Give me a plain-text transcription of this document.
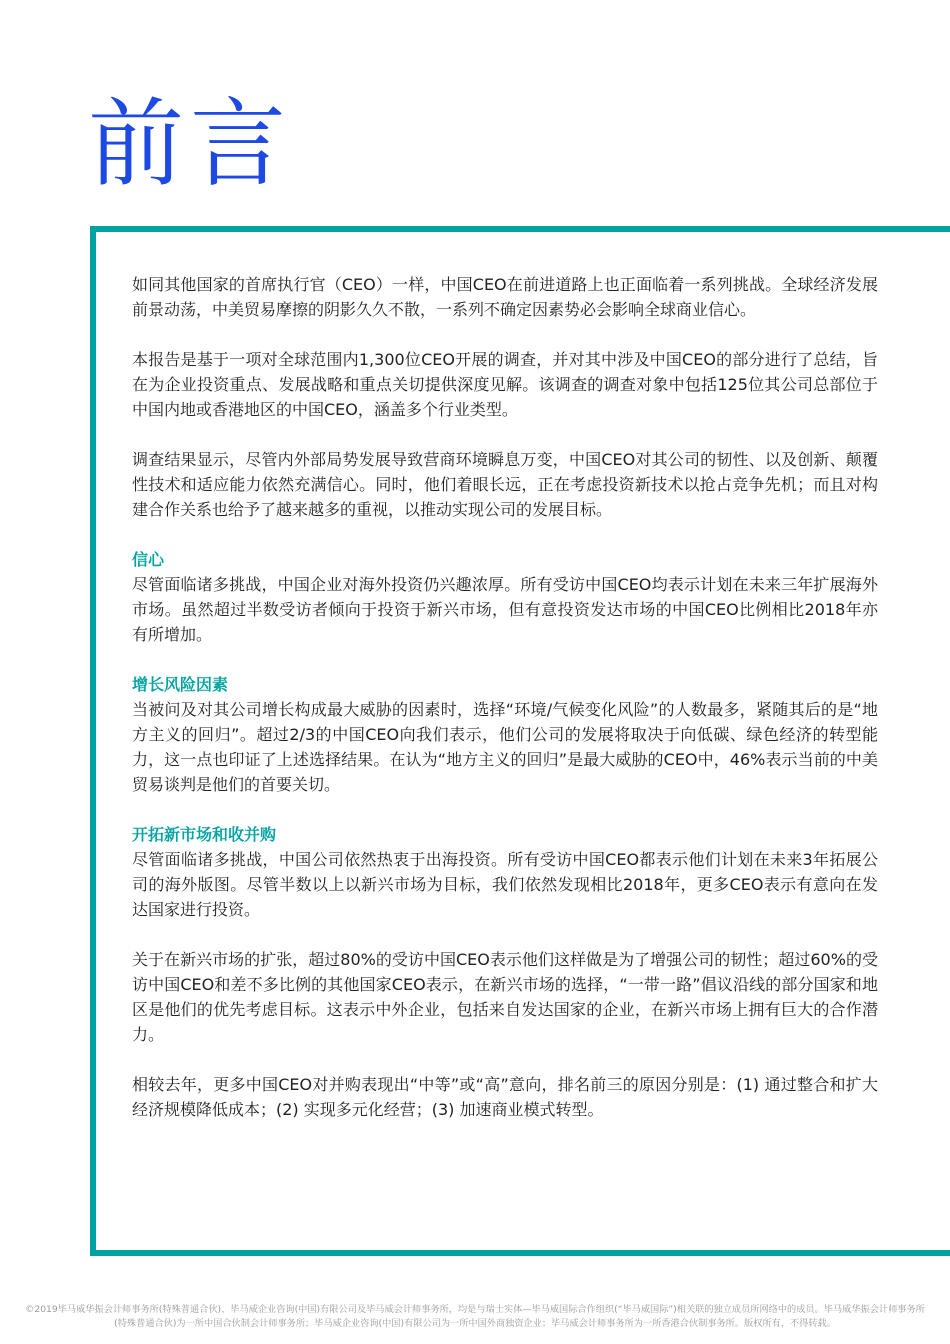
前言

如同其他国家的首席执行官（CEO）一样，中国CEO在前进道路上也正面临着一系列挑战。全球经济发展前景动荡，中美贸易摩擦的阴影久久不散，一系列不确定因素势必会影响全球商业信心。

本报告是基于一项对全球范围内1,300位CEO开展的调查，并对其中涉及中国CEO的部分进行了总结，旨在为企业投资重点、发展战略和重点关切提供深度见解。该调查的调查对象中包括125位其公司总部位于中国内地或香港地区的中国CEO，涵盖多个行业类型。

调查结果显示，尽管内外部局势发展导致营商环境瞬息万变，中国CEO对其公司的韧性、以及创新、颠覆性技术和适应能力依然充满信心。同时，他们着眼长远，正在考虑投资新技术以抢占竞争先机；而且对构建合作关系也给予了越来越多的重视，以推动实现公司的发展目标。

信心

尽管面临诸多挑战，中国企业对海外投资仍兴趣浓厚。所有受访中国CEO均表示计划在未来三年扩展海外市场。虽然超过半数受访者倾向于投资于新兴市场，但有意投资发达市场的中国CEO比例相比2018年亦有所增加。

增长风险因素

当被问及对其公司增长构成最大威胁的因素时，选择“环境/气候变化风险”的人数最多，紧随其后的是“地方主义的回归”。超过2/3的中国CEO向我们表示，他们公司的发展将取决于向低碳、绿色经济的转型能力，这一点也印证了上述选择结果。在认为“地方主义的回归”是最大威胁的CEO中，46%表示当前的中美贸易谈判是他们的首要关切。

开拓新市场和收并购

尽管面临诸多挑战，中国公司依然热衷于出海投资。所有受访中国CEO都表示他们计划在未来3年拓展公司的海外版图。尽管半数以上以新兴市场为目标，我们依然发现相比2018年，更多CEO表示有意向在发达国家进行投资。

关于在新兴市场的扩张，超过80%的受访中国CEO表示他们这样做是为了增强公司的韧性；超过60%的受访中国CEO和差不多比例的其他国家CEO表示，在新兴市场的选择，“一带一路”倡议沿线的部分国家和地区是他们的优先考虑目标。这表示中外企业，包括来自发达国家的企业，在新兴市场上拥有巨大的合作潜力。

相较去年，更多中国CEO对并购表现出“中等”或“高”意向，排名前三的原因分别是：(1) 通过整合和扩大经济规模降低成本；(2) 实现多元化经营；(3) 加速商业模式转型。

©2019毕马威华振会计师事务所(特殊普通合伙)、毕马威企业咨询(中国)有限公司及毕马威会计师事务所，均是与瑞士实体—毕马威国际合作组织(“毕马威国际”)相关联的独立成员所网络中的成员。毕马威华振会计师事务所

(特殊普通合伙)为一所中国合伙制会计师事务所；毕马威企业咨询(中国)有限公司为一所中国外商独资企业；毕马威会计师事务所为一所香港合伙制事务所。版权所有，不得转载。
